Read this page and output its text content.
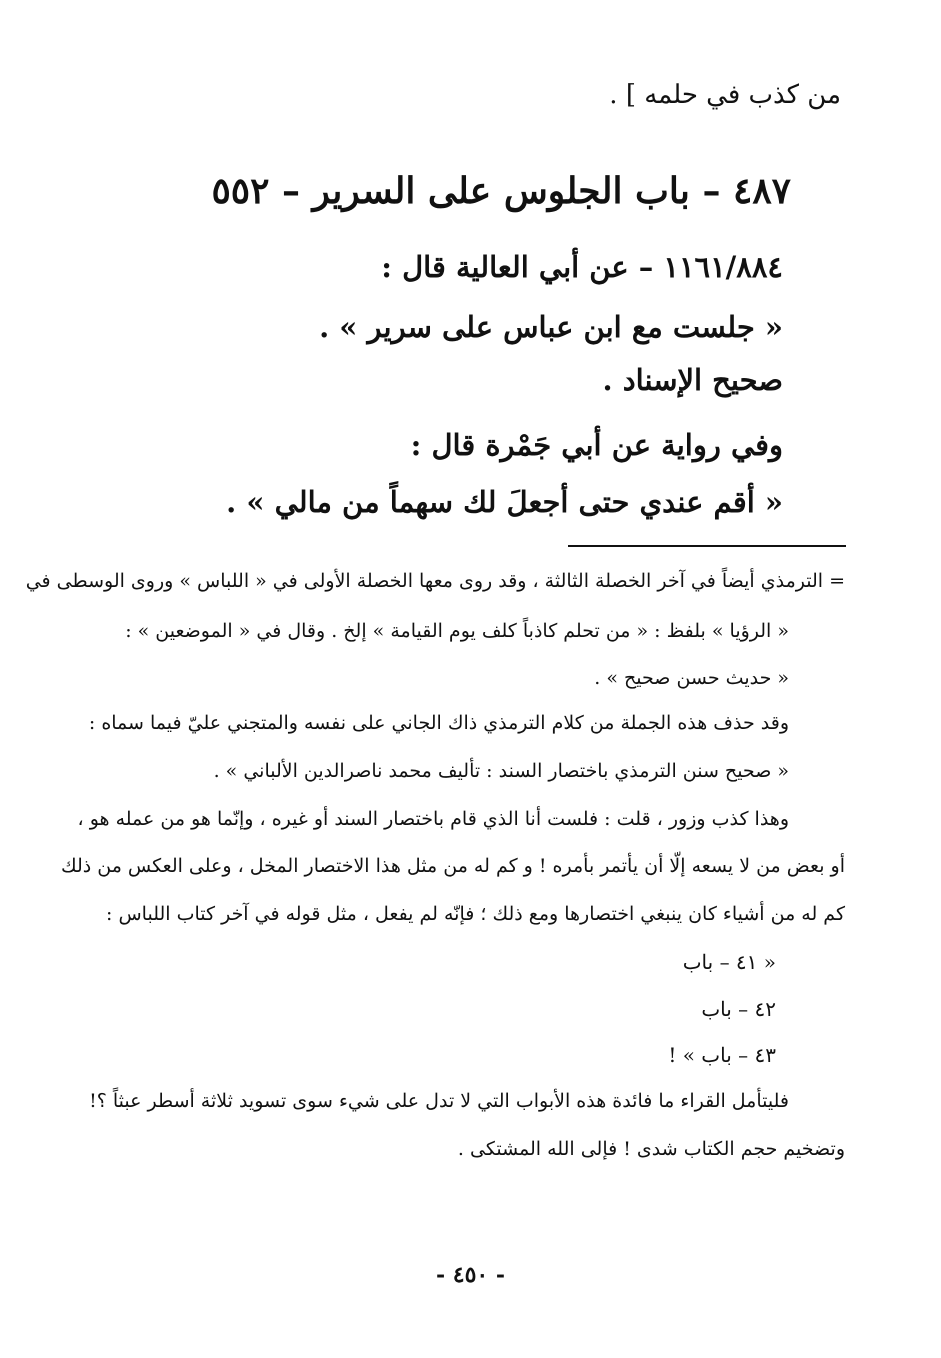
من كذب في حلمه ] .
٤٨٧ – باب الجلوس على السرير – ٥٥٢
١١٦١/٨٨٤ – عن أبي العالية قال :
« جلست مع ابن عباس على سرير » .
صحيح الإسناد .
وفي رواية عن أبي جَمْرة قال :
« أقم عندي حتى أجعلَ لك سهماً من مالي » .
= الترمذي أيضاً في آخر الخصلة الثالثة ، وقد روى معها الخصلة الأولى في « اللباس » وروى الوسطى في
« الرؤيا » بلفظ : « من تحلم كاذباً كلف يوم القيامة » إلخ . وقال في « الموضعين » :
« حديث حسن صحيح » .
وقد حذف هذه الجملة من كلام الترمذي ذاك الجاني على نفسه والمتجني عليّ فيما سماه :
« صحيح سنن الترمذي باختصار السند : تأليف محمد ناصرالدين الألباني » .
وهذا كذب وزور ، قلت : فلست أنا الذي قام باختصار السند أو غيره ، وإنّما هو من عمله هو ،
أو بعض من لا يسعه إلّا أن يأتمر بأمره ! و كم له من مثل هذا الاختصار المخل ، وعلى العكس من ذلك
كم له من أشياء كان ينبغي اختصارها ومع ذلك ؛ فإنّه لم يفعل ، مثل قوله في آخر كتاب اللباس :
« ٤١ – باب
٤٢ – باب
٤٣ – باب » !
فليتأمل القراء ما فائدة هذه الأبواب التي لا تدل على شيء سوى تسويد ثلاثة أسطر عبثاً ؟!
وتضخيم حجم الكتاب شدى ! فإلى الله المشتكى .
- ٤٥٠ -
